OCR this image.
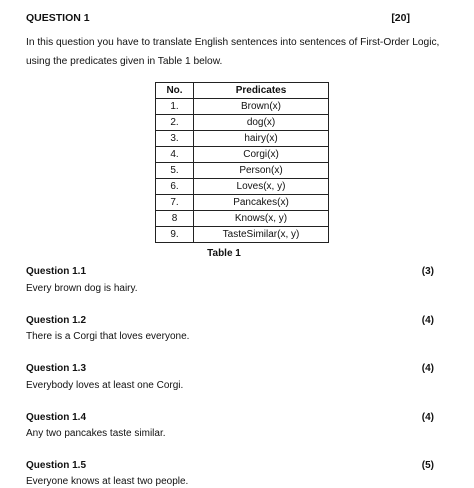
QUESTION 1	[20]
In this question you have to translate English sentences into sentences of First-Order Logic, using the predicates given in Table 1 below.
No.	Predicates
1.	Brown(x)
2.	dog(x)
3.	hairy(x)
4.	Corgi(x)
5.	Person(x)
6.	Loves(x, y)
7.	Pancakes(x)
8	Knows(x, y)
9.	TasteSimilar(x, y)
Table 1
Question 1.1	(3)
Every brown dog is hairy.
Question 1.2	(4)
There is a Corgi that loves everyone.
Question 1.3	(4)
Everybody loves at least one Corgi.
Question 1.4	(4)
Any two pancakes taste similar.
Question 1.5	(5)
Everyone knows at least two people.
